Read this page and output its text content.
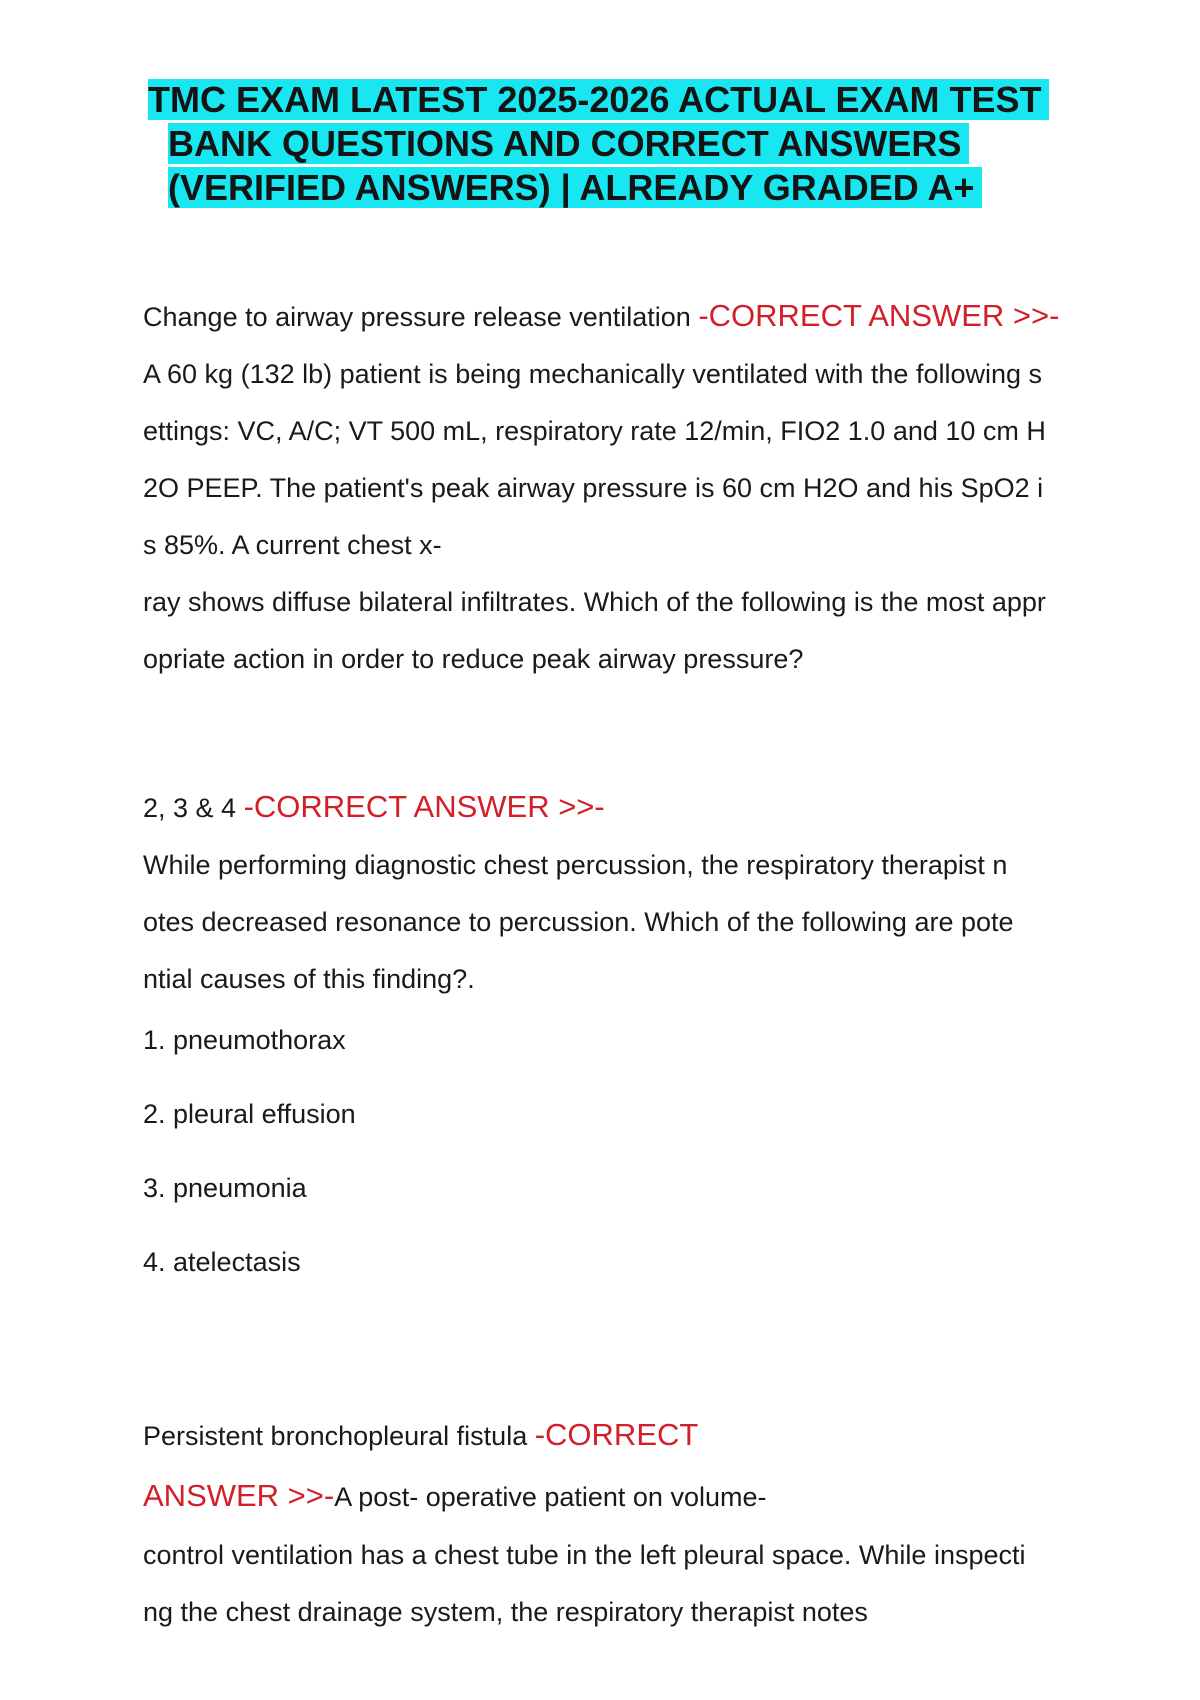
TMC EXAM LATEST 2025-2026 ACTUAL EXAM TEST
BANK QUESTIONS AND CORRECT ANSWERS
(VERIFIED ANSWERS) | ALREADY GRADED A+
Change to airway pressure release ventilation -CORRECT ANSWER >>-
A 60 kg (132 lb) patient is being mechanically ventilated with the following s
ettings: VC, A/C; VT 500 mL, respiratory rate 12/min, FIO2 1.0 and 10 cm H
2O PEEP. The patient's peak airway pressure is 60 cm H2O and his SpO2 i
s 85%. A current chest x-
ray shows diffuse bilateral infiltrates. Which of the following is the most appr
opriate action in order to reduce peak airway pressure?
2, 3 & 4 -CORRECT ANSWER >>-
While performing diagnostic chest percussion, the respiratory therapist n
otes decreased resonance to percussion. Which of the following are pote
ntial causes of this finding?.
1. pneumothorax
2. pleural effusion
3. pneumonia
4. atelectasis
Persistent bronchopleural fistula -CORRECT
ANSWER >>-A post- operative patient on volume-
control ventilation has a chest tube in the left pleural space. While inspecti
ng the chest drainage system, the respiratory therapist notes
